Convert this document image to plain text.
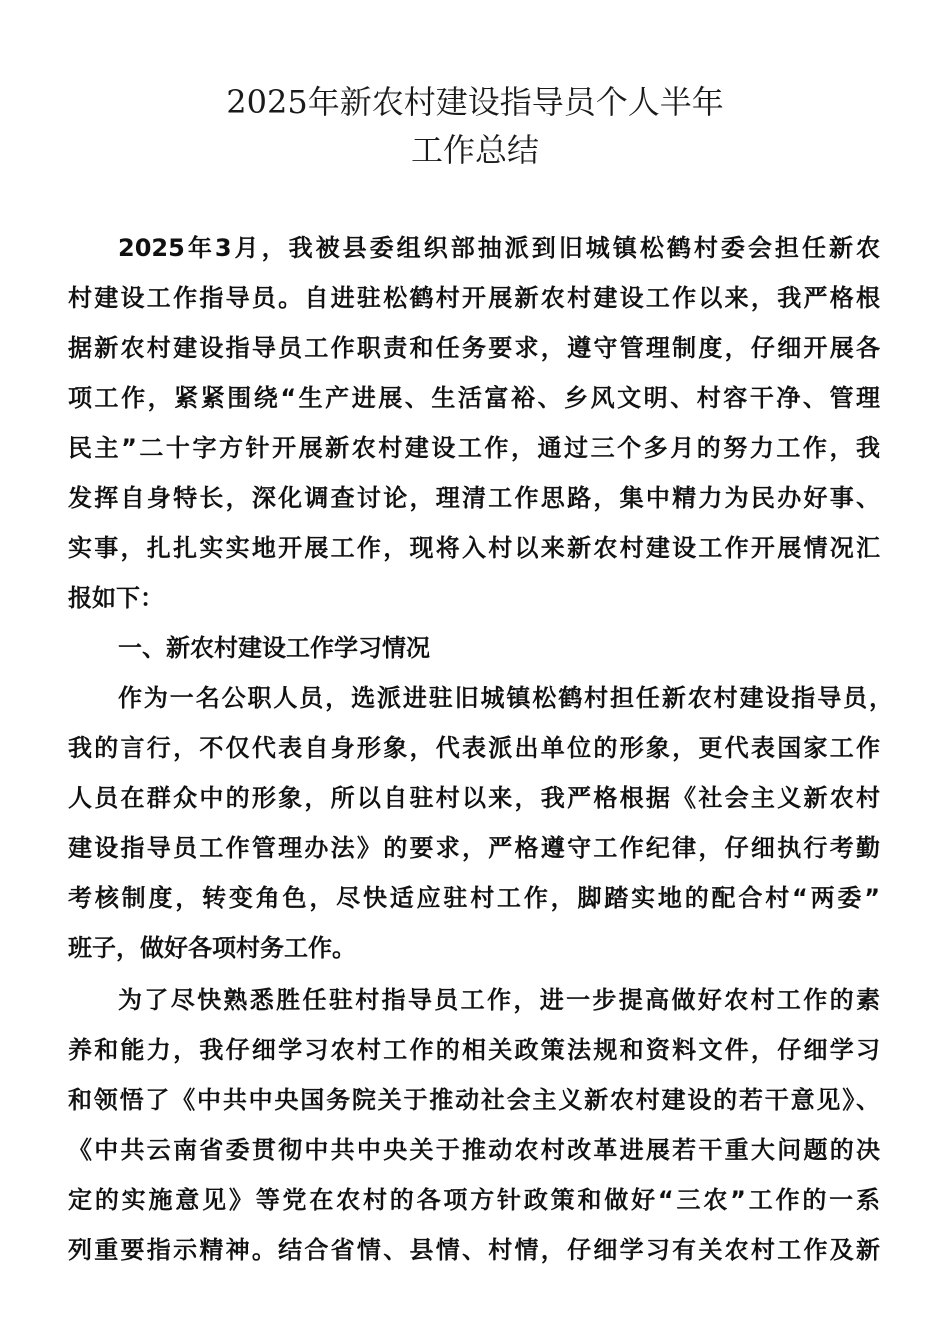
2025年新农村建设指导员个人半年
工作总结
2025年3月，我被县委组织部抽派到旧城镇松鹤村委会担任新农
村建设工作指导员。自进驻松鹤村开展新农村建设工作以来，我严格根
据新农村建设指导员工作职责和任务要求，遵守管理制度，仔细开展各
项工作，紧紧围绕“生产进展、生活富裕、乡风文明、村容干净、管理
民主”二十字方针开展新农村建设工作，通过三个多月的努力工作，我
发挥自身特长，深化调查讨论，理清工作思路，集中精力为民办好事、
实事，扎扎实实地开展工作，现将入村以来新农村建设工作开展情况汇
报如下：
一、新农村建设工作学习情况
作为一名公职人员，选派进驻旧城镇松鹤村担任新农村建设指导员，
我的言行，不仅代表自身形象，代表派出单位的形象，更代表国家工作
人员在群众中的形象，所以自驻村以来，我严格根据《社会主义新农村
建设指导员工作管理办法》的要求，严格遵守工作纪律，仔细执行考勤
考核制度，转变角色，尽快适应驻村工作，脚踏实地的配合村“两委”
班子，做好各项村务工作。
为了尽快熟悉胜任驻村指导员工作，进一步提高做好农村工作的素
养和能力，我仔细学习农村工作的相关政策法规和资料文件，仔细学习
和领悟了《中共中央国务院关于推动社会主义新农村建设的若干意见》、
《中共云南省委贯彻中共中央关于推动农村改革进展若干重大问题的决
定的实施意见》等党在农村的各项方针政策和做好“三农”工作的一系
列重要指示精神。结合省情、县情、村情，仔细学习有关农村工作及新
